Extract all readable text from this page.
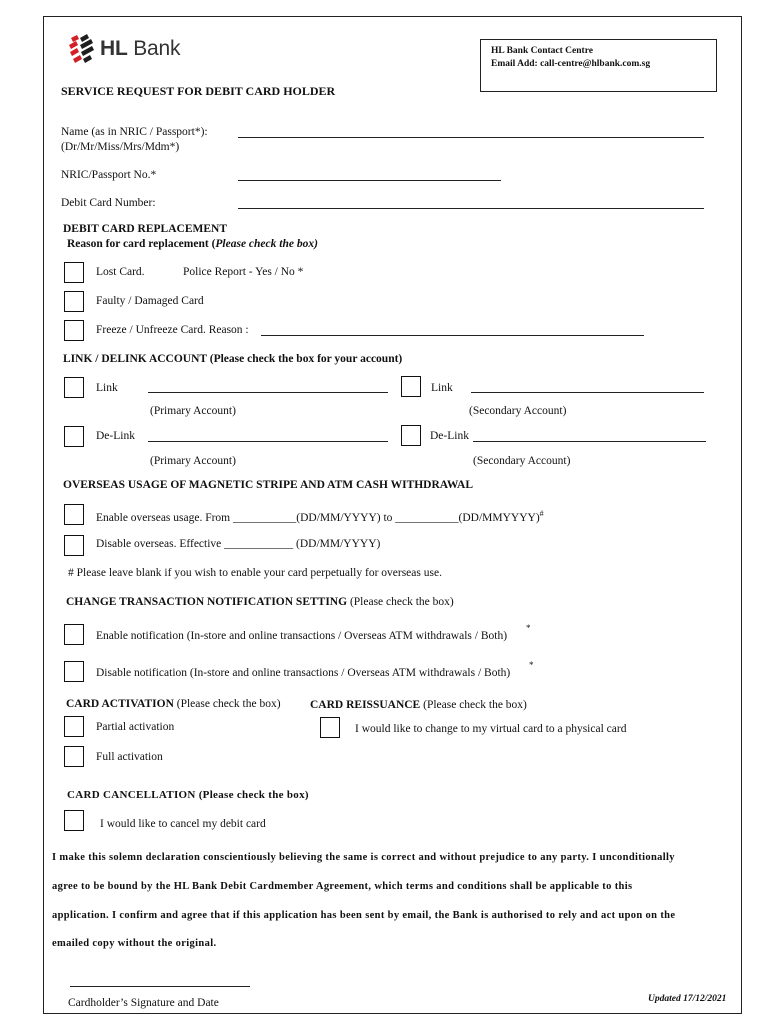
HL Bank	HL Bank Contact Centre
Email Add: call-centre@hlbank.com.sg
SERVICE REQUEST FOR DEBIT CARD HOLDER
Name (as in NRIC / Passport*):
(Dr/Mr/Miss/Mrs/Mdm*)
NRIC/Passport No.*
Debit Card Number:
DEBIT CARD REPLACEMENT
Reason for card replacement (Please check the box)
Lost Card.	Police Report - Yes / No *
Faulty / Damaged Card
Freeze / Unfreeze Card. Reason :
LINK / DELINK ACCOUNT (Please check the box for your account)
Link	Link
(Primary Account)	(Secondary Account)
De-Link	De-Link
(Primary Account)	(Secondary Account)
OVERSEAS USAGE OF MAGNETIC STRIPE AND ATM CASH WITHDRAWAL
Enable overseas usage. From ___________(DD/MM/YYYY) to ___________(DD/MMYYYY)#
Disable overseas. Effective ____________ (DD/MM/YYYY)
# Please leave blank if you wish to enable your card perpetually for overseas use.
CHANGE TRANSACTION NOTIFICATION SETTING (Please check the box)
Enable notification (In-store and online transactions / Overseas ATM withdrawals / Both)
*
Disable notification (In-store and online transactions / Overseas ATM withdrawals / Both)
*
CARD ACTIVATION (Please check the box)	CARD REISSUANCE (Please check the box)
Partial activation	I would like to change to my virtual card to a physical card
Full activation
CARD CANCELLATION (Please check the box)
I would like to cancel my debit card
I make this solemn declaration conscientiously believing the same is correct and without prejudice to any party. I unconditionally
agree to be bound by the HL Bank Debit Cardmember Agreement, which terms and conditions shall be applicable to this
application. I confirm and agree that if this application has been sent by email, the Bank is authorised to rely and act upon on the
emailed copy without the original.
Cardholder’s Signature and Date	Updated 17/12/2021
